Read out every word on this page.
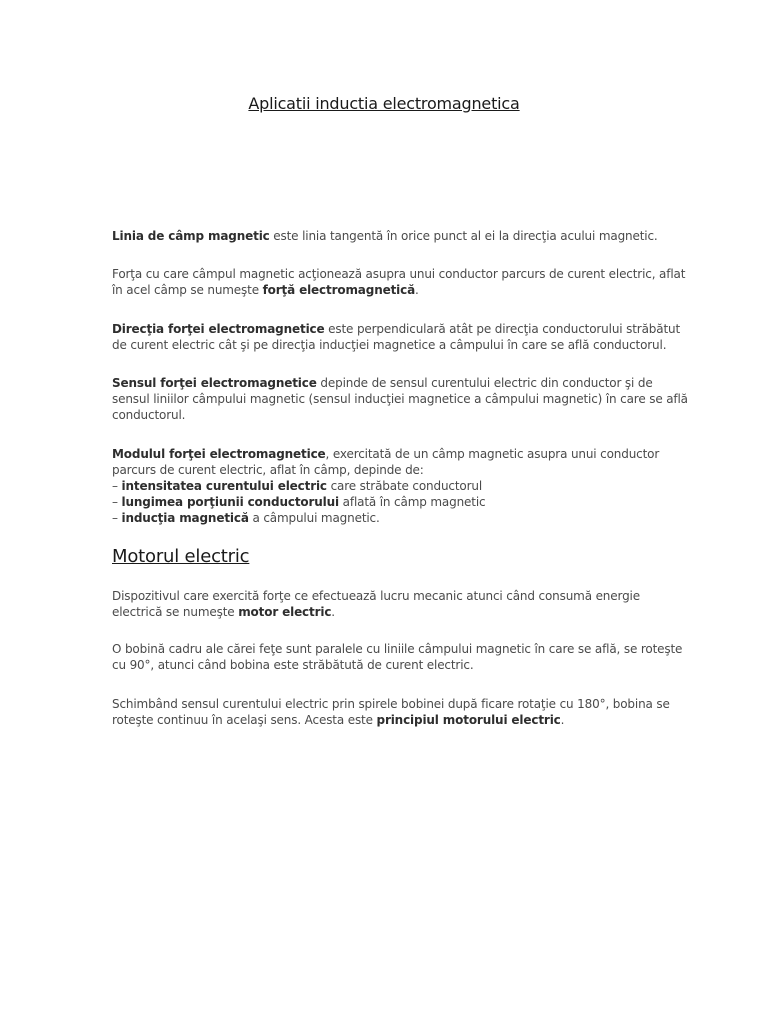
Aplicatii inductia electromagnetica
Linia de câmp magnetic este linia tangentă în orice punct al ei la direcţia acului magnetic.
Forţa cu care câmpul magnetic acţionează asupra unui conductor parcurs de curent electric, aflat
în acel câmp se numeşte forţă electromagnetică.
Direcţia forţei electromagnetice este perpendiculară atât pe direcţia conductorului străbătut
de curent electric cât şi pe direcţia inducţiei magnetice a câmpului în care se află conductorul.
Sensul forţei electromagnetice depinde de sensul curentului electric din conductor şi de
sensul liniilor câmpului magnetic (sensul inducţiei magnetice a câmpului magnetic) în care se află
conductorul.
Modulul forţei electromagnetice, exercitată de un câmp magnetic asupra unui conductor
parcurs de curent electric, aflat în câmp, depinde de:
– intensitatea curentului electric care străbate conductorul
– lungimea porţiunii conductorului aflată în câmp magnetic
– inducţia magnetică a câmpului magnetic.
Motorul electric
Dispozitivul care exercită forţe ce efectuează lucru mecanic atunci când consumă energie
electrică se numeşte motor electric.
O bobină cadru ale cărei feţe sunt paralele cu liniile câmpului magnetic în care se află, se roteşte
cu 90°, atunci când bobina este străbătută de curent electric.
Schimbând sensul curentului electric prin spirele bobinei după ficare rotaţie cu 180°, bobina se
roteşte continuu în acelaşi sens. Acesta este principiul motorului electric.
